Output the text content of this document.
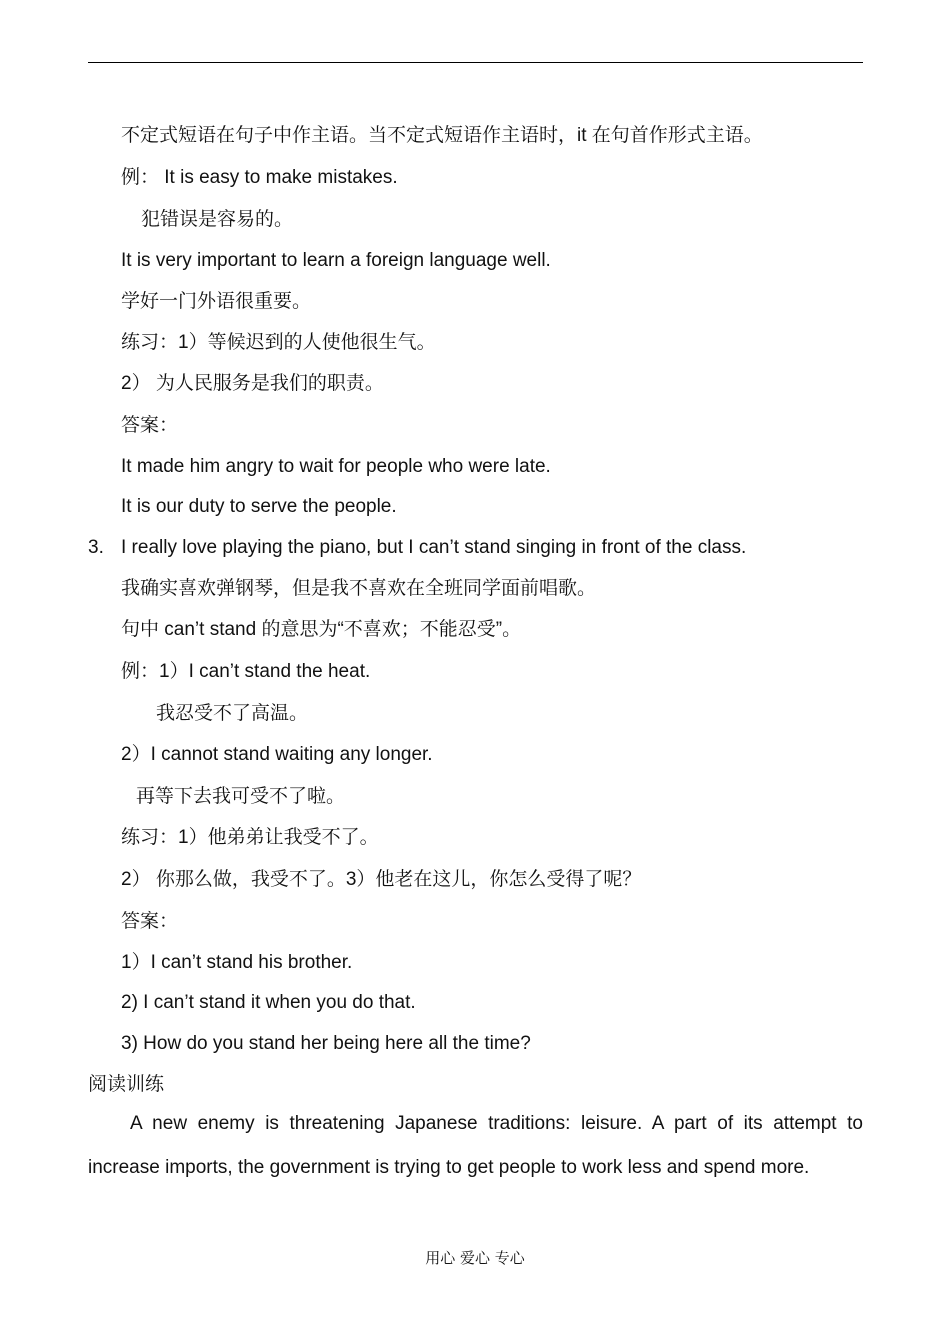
不定式短语在句子中作主语。当不定式短语作主语时，it 在句首作形式主语。
例： It is easy to make mistakes.
犯错误是容易的。
It is very important to learn a foreign language well.
学好一门外语很重要。
练习：1）等候迟到的人使他很生气。
2） 为人民服务是我们的职责。
答案：
It made him angry to wait for people who were late.
It is our duty to serve the people.
3. I really love playing the piano, but I can’t stand singing in front of the class.
我确实喜欢弹钢琴，但是我不喜欢在全班同学面前唱歌。
句中 can’t stand 的意思为“不喜欢；不能忍受”。
例：1）I can’t stand the heat.
我忍受不了高温。
2）I cannot stand waiting any longer.
再等下去我可受不了啦。
练习：1）他弟弟让我受不了。
2） 你那么做，我受不了。3）他老在这儿，你怎么受得了呢？
答案：
1）I can’t stand his brother.
2) I can’t stand it when you do that.
3) How do you stand her being here all the time?
阅读训练
A new enemy is threatening Japanese traditions: leisure. A part of its attempt to increase imports, the government is trying to get people to work less and spend more.
用心 爱心 专心
